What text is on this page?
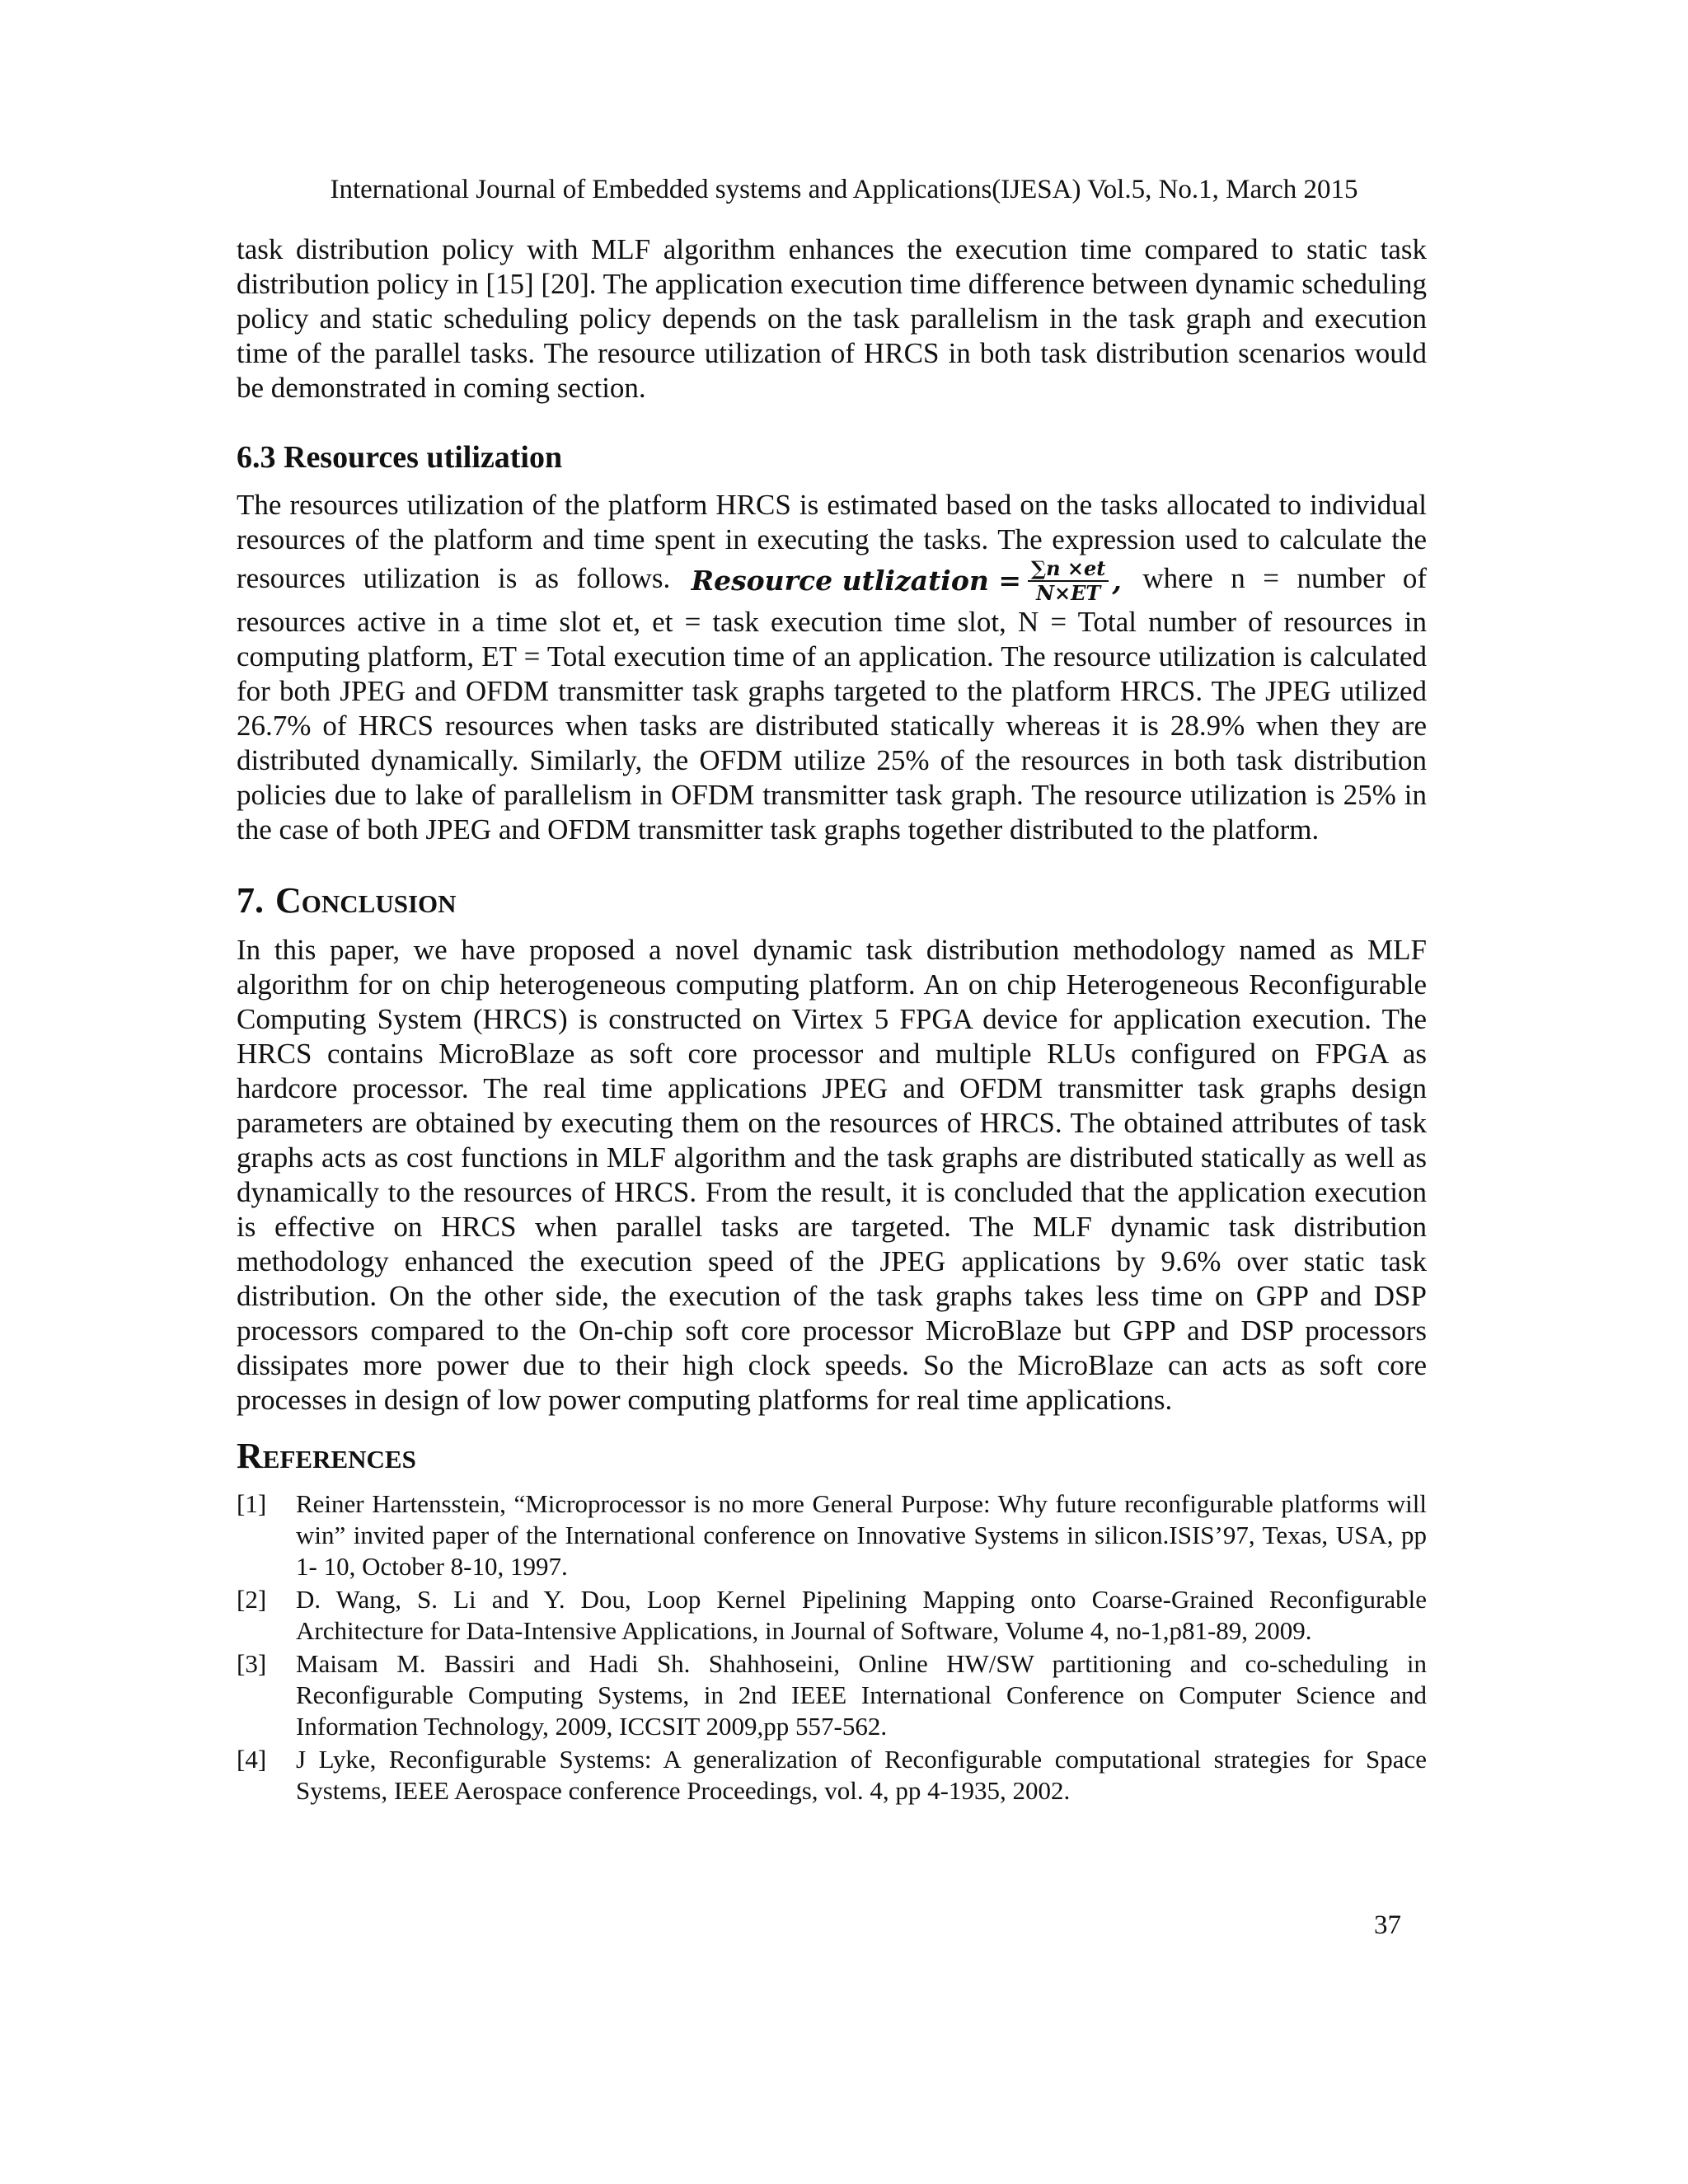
International Journal of Embedded systems and Applications(IJESA) Vol.5, No.1, March 2015

task distribution policy with MLF algorithm enhances the execution time compared to static task distribution policy in [15] [20]. The application execution time difference between dynamic scheduling policy and static scheduling policy depends on the task parallelism in the task graph and execution time of the parallel tasks. The resource utilization of HRCS in both task distribution scenarios would be demonstrated in coming section.

6.3 Resources utilization

The resources utilization of the platform HRCS is estimated based on the tasks allocated to individual resources of the platform and time spent in executing the tasks. The expression used to calculate the resources utilization is as follows. Resource utlization = $\frac{\sum n \times et}{N\times ET}$ , where n = number of resources active in a time slot et, et = task execution time slot, N = Total number of resources in computing platform, ET = Total execution time of an application. The resource utilization is calculated for both JPEG and OFDM transmitter task graphs targeted to the platform HRCS. The JPEG utilized 26.7% of HRCS resources when tasks are distributed statically whereas it is 28.9% when they are distributed dynamically. Similarly, the OFDM utilize 25% of the resources in both task distribution policies due to lake of parallelism in OFDM transmitter task graph. The resource utilization is 25% in the case of both JPEG and OFDM transmitter task graphs together distributed to the platform.

7. Conclusion

In this paper, we have proposed a novel dynamic task distribution methodology named as MLF algorithm for on chip heterogeneous computing platform. An on chip Heterogeneous Reconfigurable Computing System (HRCS) is constructed on Virtex 5 FPGA device for application execution. The HRCS contains MicroBlaze as soft core processor and multiple RLUs configured on FPGA as hardcore processor. The real time applications JPEG and OFDM transmitter task graphs design parameters are obtained by executing them on the resources of HRCS. The obtained attributes of task graphs acts as cost functions in MLF algorithm and the task graphs are distributed statically as well as dynamically to the resources of HRCS. From the result, it is concluded that the application execution is effective on HRCS when parallel tasks are targeted. The MLF dynamic task distribution methodology enhanced the execution speed of the JPEG applications by 9.6% over static task distribution. On the other side, the execution of the task graphs takes less time on GPP and DSP processors compared to the On-chip soft core processor MicroBlaze but GPP and DSP processors dissipates more power due to their high clock speeds. So the MicroBlaze can acts as soft core processes in design of low power computing platforms for real time applications.

References
[1] Reiner Hartensstein, “Microprocessor is no more General Purpose: Why future reconfigurable platforms will win” invited paper of the International conference on Innovative Systems in silicon.ISIS’97, Texas, USA, pp 1- 10, October 8-10, 1997.
[2] D. Wang, S. Li and Y. Dou, Loop Kernel Pipelining Mapping onto Coarse-Grained Reconfigurable Architecture for Data-Intensive Applications, in Journal of Software, Volume 4, no-1,p81-89, 2009.
[3] Maisam M. Bassiri and Hadi Sh. Shahhoseini, Online HW/SW partitioning and co-scheduling in Reconfigurable Computing Systems, in 2nd IEEE International Conference on Computer Science and Information Technology, 2009, ICCSIT 2009,pp 557-562.
[4] J Lyke, Reconfigurable Systems: A generalization of Reconfigurable computational strategies for Space Systems, IEEE Aerospace conference Proceedings, vol. 4, pp 4-1935, 2002.
37
